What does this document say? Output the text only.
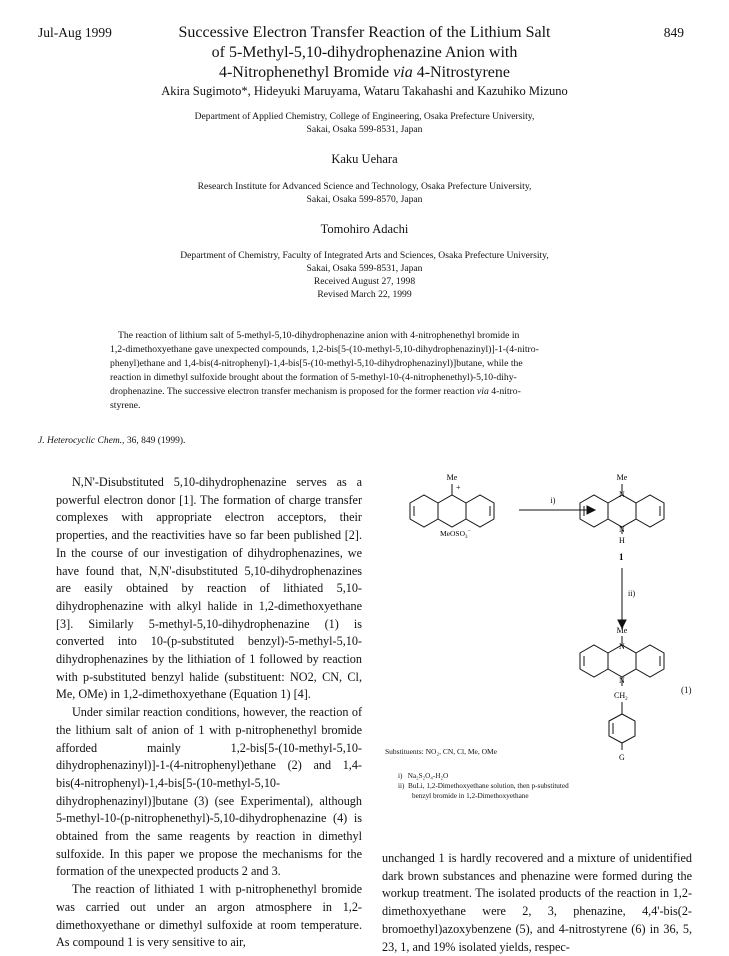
Jul-Aug 1999	849
Successive Electron Transfer Reaction of the Lithium Salt
of 5-Methyl-5,10-dihydrophenazine Anion with
4-Nitrophenethyl Bromide via 4-Nitrostyrene
Akira Sugimoto*, Hideyuki Maruyama, Wataru Takahashi and Kazuhiko Mizuno
Department of Applied Chemistry, College of Engineering, Osaka Prefecture University,
Sakai, Osaka 599-8531, Japan
Kaku Uehara
Research Institute for Advanced Science and Technology, Osaka Prefecture University,
Sakai, Osaka 599-8570, Japan
Tomohiro Adachi
Department of Chemistry, Faculty of Integrated Arts and Sciences, Osaka Prefecture University,
Sakai, Osaka 599-8531, Japan
Received August 27, 1998
Revised March 22, 1999
The reaction of lithium salt of 5-methyl-5,10-dihydrophenazine anion with 4-nitrophenethyl bromide in
1,2-dimethoxyethane gave unexpected compounds, 1,2-bis[5-(10-methyl-5,10-dihydrophenazinyl)]-1-(4-nitro-
phenyl)ethane and 1,4-bis(4-nitrophenyl)-1,4-bis[5-(10-methyl-5,10-dihydrophenazinyl)]butane, while the
reaction in dimethyl sulfoxide brought about the formation of 5-methyl-10-(4-nitrophenethyl)-5,10-dihy-
drophenazine. The successive electron transfer mechanism is proposed for the former reaction via 4-nitro-
styrene.
J. Heterocyclic Chem., 36, 849 (1999).

N,N'-Disubstituted 5,10-dihydrophenazine serves as a powerful electron donor [1]. The formation of charge transfer complexes with appropriate electron acceptors, their properties, and the reactivities have so far been published [2]. In the course of our investigation of dihydrophenazines, we have found that, N,N'-disubstituted 5,10-dihydrophenazines are easily obtained by reaction of lithiated 5,10-dihydrophenazine with alkyl halide in 1,2-dimethoxyethane [3]. Similarly 5-methyl-5,10-dihydrophenazine (1) is converted into 10-(p-substituted benzyl)-5-methyl-5,10-dihydrophenazines by the lithiation of 1 followed by reaction with p-substituted benzyl halide (substituent: NO2, CN, Cl, Me, OMe) in 1,2-dimethoxyethane (Equation 1) [4].

Under similar reaction conditions, however, the reaction of the lithium salt of anion of 1 with p-nitrophenethyl bromide afforded mainly 1,2-bis[5-(10-methyl-5,10-dihydrophenazinyl)]-1-(4-nitrophenyl)ethane (2) and 1,4-bis(4-nitrophenyl)-1,4-bis[5-(10-methyl-5,10-dihydrophenazinyl)]butane (3) (see Experimental), although 5-methyl-10-(p-nitrophenethyl)-5,10-dihydrophenazine (4) is obtained from the same reagents by reaction in dimethyl sulfoxide. In this paper we propose the mechanisms for the formation of the unexpected products 2 and 3.

The reaction of lithiated 1 with p-nitrophenethyl bromide was carried out under an argon atmosphere in 1,2-dimethoxyethane or dimethyl sulfoxide at room temperature. As compound 1 is very sensitive to air,

unchanged 1 is hardly recovered and a mixture of unidentified dark brown substances and phenazine were formed during the workup treatment. The isolated products of the reaction in 1,2-dimethoxyethane were 2, 3, phenazine, 4,4'-bis(2-bromoethyl)azoxybenzene (5), and 4-nitrostyrene (6) in 36, 5, 23, 1, and 19% isolated yields, respec-

Me
+
MeOSO$_3$−
i)
Me
N
N
H
1
ii)
Me
N
N
$CH_2$
G
(1)
Substituents: NO₂, CN, Cl, Me, OMe
i) Na₂S₂O₄-H₂O
ii) BuLi, 1,2-Dimethoxyethane solution, then p-substituted
benzyl bromide in 1,2-Dimethoxyethane
